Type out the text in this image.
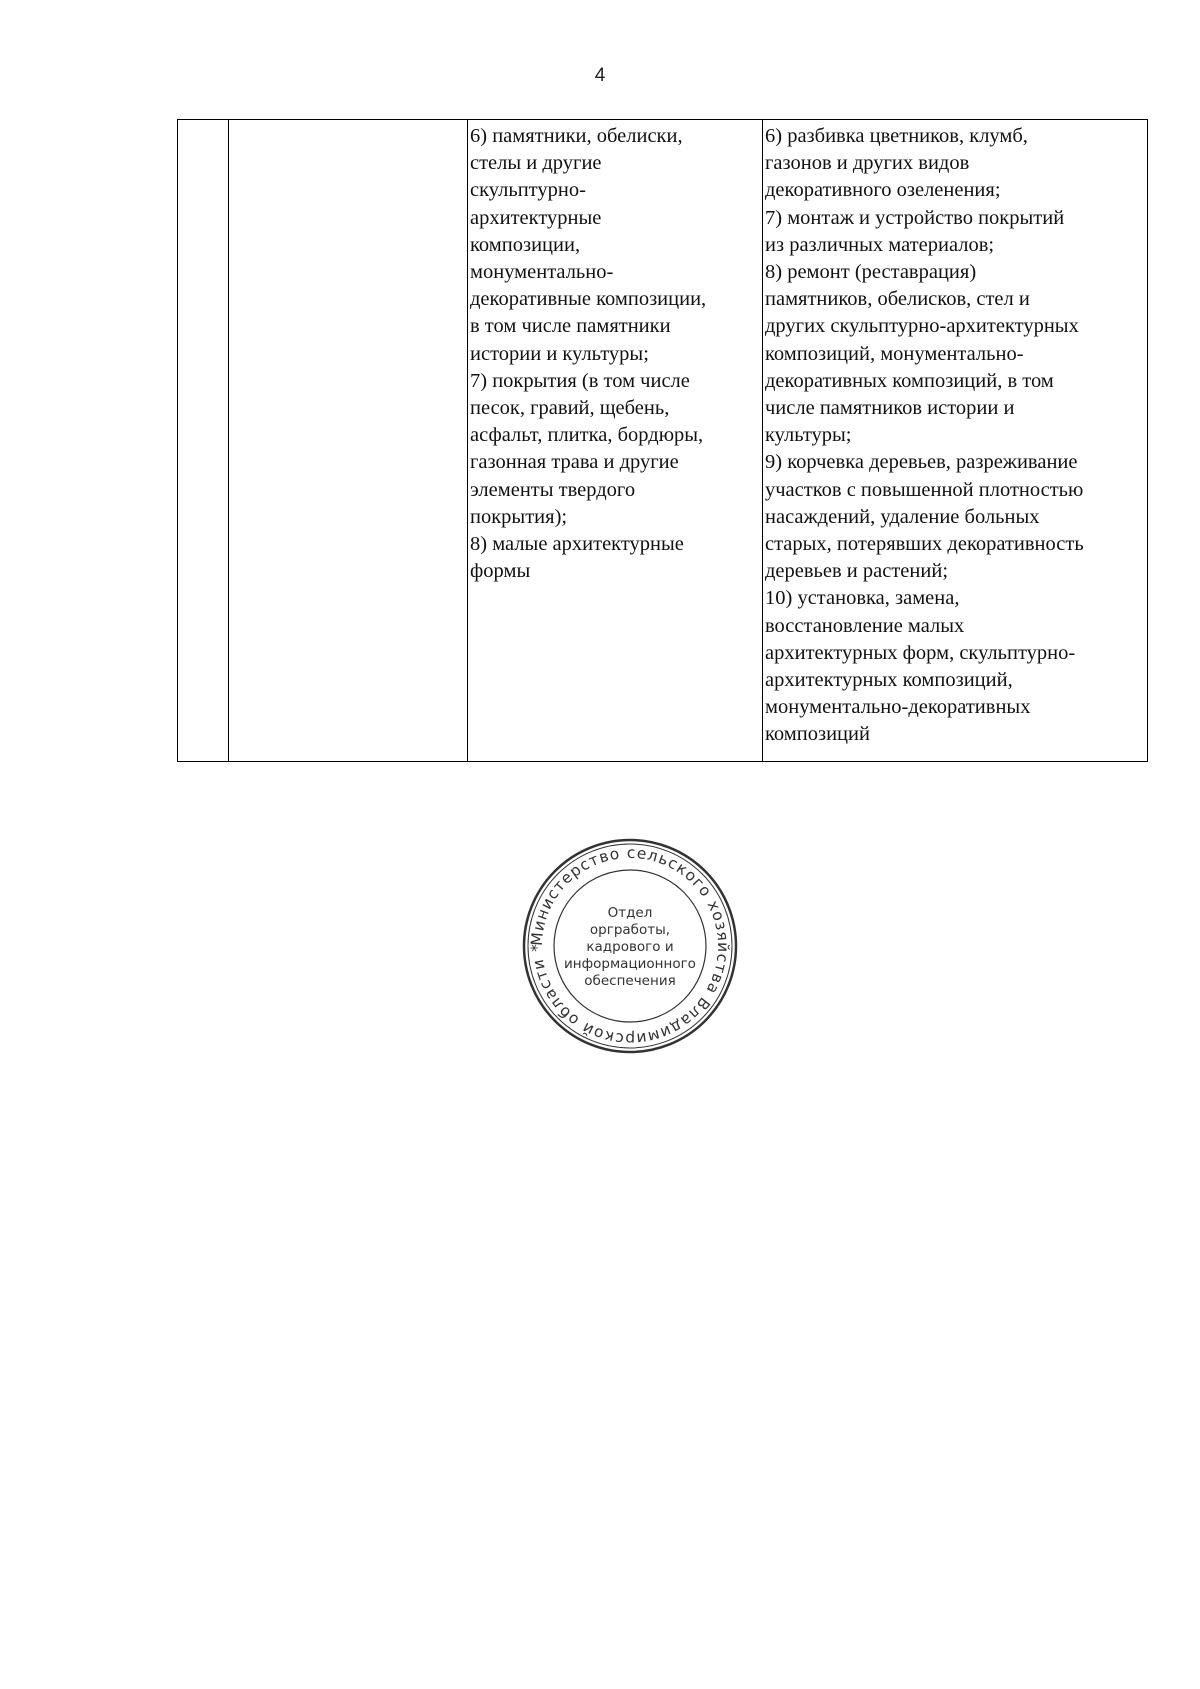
4

6) памятники, обелиски,
стелы и другие
скульптурно-
архитектурные
композиции,
монументально-
декоративные композиции,
в том числе памятники
истории и культуры;
7) покрытия (в том числе
песок, гравий, щебень,
асфальт, плитка, бордюры,
газонная трава и другие
элементы твердого
покрытия);
8) малые архитектурные
формы

6) разбивка цветников, клумб,
газонов и других видов
декоративного озеленения;
7) монтаж и устройство покрытий
из различных материалов;
8) ремонт (реставрация)
памятников, обелисков, стел и
других скульптурно-архитектурных
композиций, монументально-
декоративных композиций, в том
числе памятников истории и
культуры;
9) корчевка деревьев, разреживание
участков с повышенной плотностью
насаждений, удаление больных
старых, потерявших декоративность
деревьев и растений;
10) установка, замена,
восстановление малых
архитектурных форм, скульптурно-
архитектурных композиций,
монументально-декоративных
композиций
Министерство сельского хозяйства Владимирской области *
Отдел
оргработы,
кадрового и
информационного
обеспечения
